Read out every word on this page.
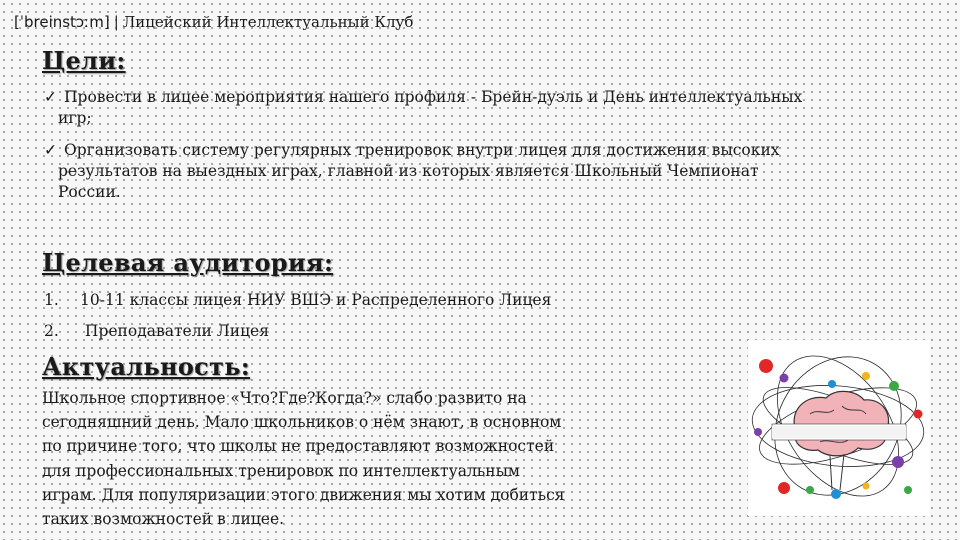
[ˈbreinstɔːm] | Лицейский Интеллектуальный Клуб
Цели:
✓ Провести в лицее мероприятия нашего профиля - Брейн-дуэль и День интеллектуальных
игр;
✓ Организовать систему регулярных тренировок внутри лицея для достижения высоких
результатов на выездных играх, главной из которых является Школьный Чемпионат
России.
Целевая аудитория:
1. 10-11 классы лицея НИУ ВШЭ и Распределенного Лицея
2. Преподаватели Лицея
Актуальность:
Школьное спортивное «Что?Где?Когда?» слабо развито на
сегодняшний день. Мало школьников о нём знают, в основном
по причине того, что школы не предоставляют возможностей
для профессиональных тренировок по интеллектуальным
играм. Для популяризации этого движения мы хотим добиться
таких возможностей в лицее.
